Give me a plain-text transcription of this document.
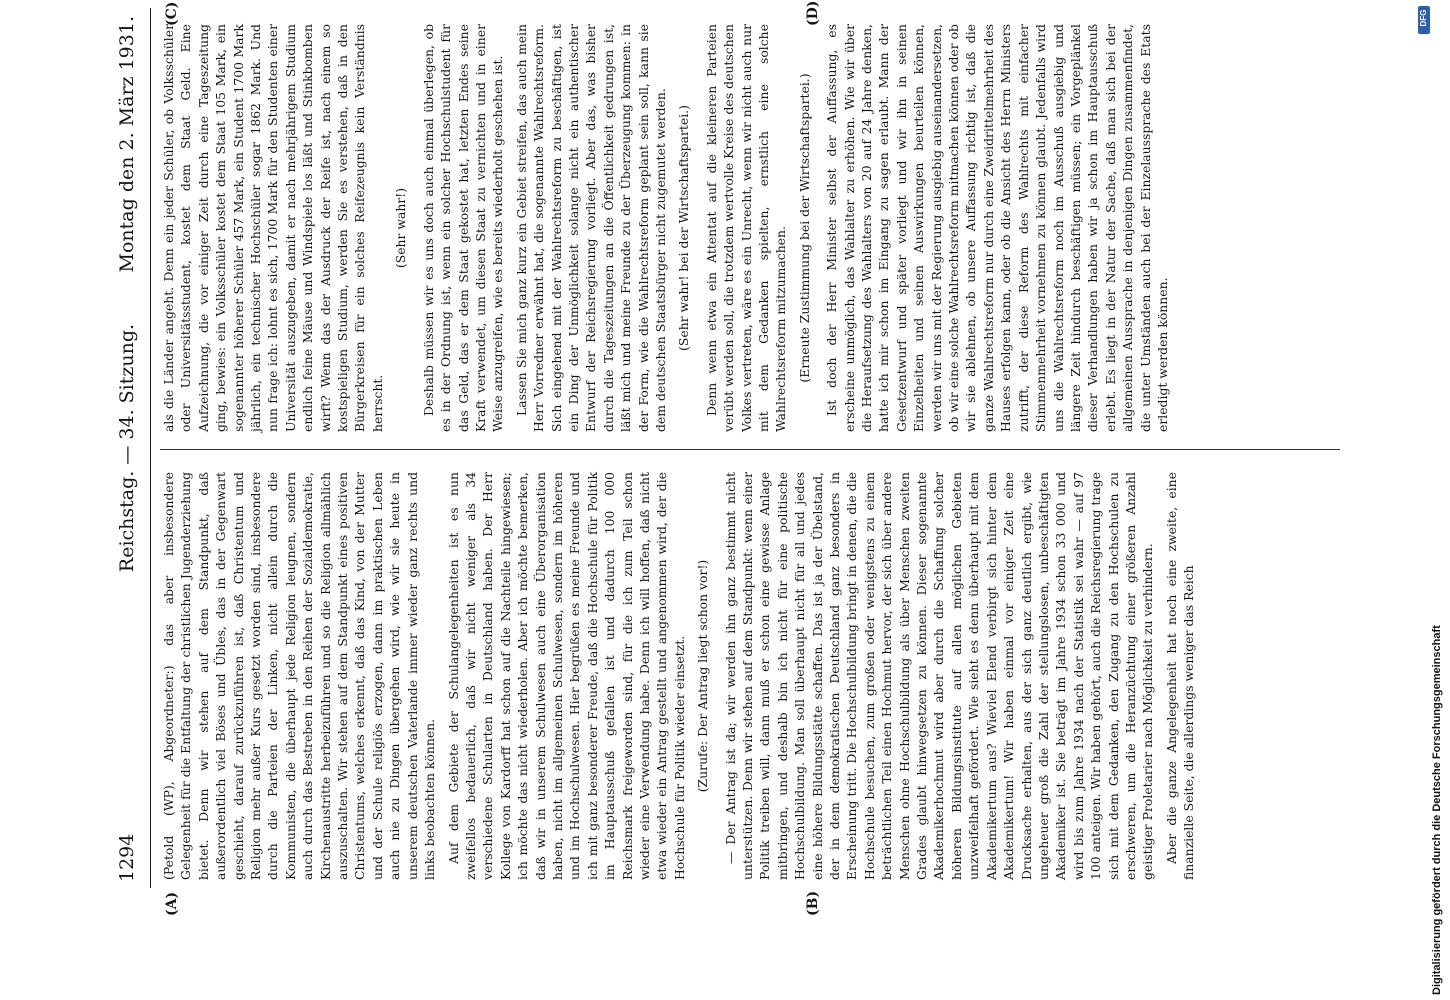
1294
Reichstag. — 34. Sitzung.
Montag den 2. März 1931.
(A)	(B)
(C)	(D)

(Petold (WP), Abgeordneter:) das aber insbesondere Gelegenheit für die Entfaltung der christlichen Jugenderziehung bietet. Denn wir stehen auf dem Standpunkt, daß außerordentlich viel Böses und Übles, das in der Gegenwart geschieht, darauf zurückzuführen ist, daß Christentum und Religion mehr außer Kurs gesetzt worden sind, insbesondere durch die Parteien der Linken, nicht allein durch die Kommunisten, die überhaupt jede Religion leugnen, sondern auch durch das Bestreben in den Reihen der Sozialdemokratie, Kirchenaustritte herbeizuführen und so die Religion allmählich auszuschalten. Wir stehen auf dem Standpunkt eines positiven Christentums, welches erkennt, daß das Kind, von der Mutter und der Schule religiös erzogen, dann im praktischen Leben auch nie zu Dingen übergehen wird, wie wir sie heute in unserem deutschen Vaterlande immer wieder ganz rechts und links beobachten können. Auf dem Gebiete der Schulangelegenheiten ist es nun zweifellos bedauerlich, daß wir nicht weniger als 34 verschiedene Schularten in Deutschland haben. Der Herr Kollege von Kardorff hat schon auf die Nachteile hingewiesen; ich möchte das nicht wiederholen. Aber ich möchte bemerken, daß wir in unserem Schulwesen auch eine Überorganisation haben, nicht im allgemeinen Schulwesen, sondern im höheren und im Hochschulwesen. Hier begrüßen es meine Freunde und ich mit ganz besonderer Freude, daß die Hochschule für Politik im Hauptausschuß gefallen ist und dadurch 100 000 Reichsmark freigeworden sind, für die ich zum Teil schon wieder eine Verwendung habe. Denn ich will hoffen, daß nicht etwa wieder ein Antrag gestellt und angenommen wird, der die Hochschule für Politik wieder einsetzt. (Zurufe: Der Antrag liegt schon vor!) — Der Antrag ist da; wir werden ihn ganz bestimmt nicht unterstützen. Denn wir stehen auf dem Standpunkt: wenn einer Politik treiben will, dann muß er schon eine gewisse Anlage mitbringen, und deshalb bin ich nicht für eine politische Hochschulbildung. Man soll überhaupt nicht für all und jedes eine höhere Bildungsstätte schaffen. Das ist ja der Übelstand, der in dem demokratischen Deutschland ganz besonders in Erscheinung tritt. Die Hochschulbildung bringt in denen, die die Hochschule besuchen, zum großen oder wenigstens zu einem beträchtlichen Teil einen Hochmut hervor, der sich über andere Menschen ohne Hochschulbildung als über Menschen zweiten Grades glaubt hinwegsetzen zu können. Dieser sogenannte Akademikerhochmut wird aber durch die Schaffung solcher höheren Bildungsinstitute auf allen möglichen Gebieten unzweifelhaft gefördert. Wie sieht es denn überhaupt mit dem Akademikertum aus? Wieviel Elend verbirgt sich hinter dem Akademikertum! Wir haben einmal vor einiger Zeit eine Drucksache erhalten, aus der sich ganz deutlich ergibt, wie ungeheuer groß die Zahl der stellungslosen, unbeschäftigten Akademiker ist. Sie beträgt im Jahre 1934 schon 33 000 und wird bis zum Jahre 1934 nach der Statistik sei wahr — auf 97 100 anteigen. Wir haben gehört, auch die Reichsregierung trage sich mit dem Gedanken, den Zugang zu den Hochschulen zu erschweren, um die Heranzüchtung einer größeren Anzahl geistiger Proletarier nach Möglichkeit zu verhindern. Aber die ganze Angelegenheit hat noch eine zweite, eine finanzielle Seite, die allerdings weniger das Reich

als die Länder angeht. Denn ein jeder Schüler, ob Volksschüler oder Universitätsstudent, kostet dem Staat Geld. Eine Aufzeichnung, die vor einiger Zeit durch eine Tageszeitung ging, bewies: ein Volksschüler kostet dem Staat 105 Mark, ein sogenannter höherer Schüler 457 Mark, ein Student 1700 Mark jährlich, ein technischer Hochschüler sogar 1862 Mark. Und nun frage ich: lohnt es sich, 1700 Mark für den Studenten einer Universität auszugeben, damit er nach mehrjährigem Studium endlich feine Mäuse und Windspiele los läßt und Stinkbomben wirft? Wenn das der Ausdruck der Reife ist, nach einem so kostspieligen Studium, werden Sie es verstehen, daß in den Bürgerkreisen für ein solches Reifezeugnis kein Verständnis herrscht.

(Sehr wahr!) Deshalb müssen wir es uns doch auch einmal überlegen, ob es in der Ordnung ist, wenn ein solcher Hochschulstudent für das Geld, das er dem Staat gekostet hat, letzten Endes seine Kraft verwendet, um diesen Staat zu vernichten und in einer Weise anzugreifen, wie es bereits wiederholt geschehen ist. Lassen Sie mich ganz kurz ein Gebiet streifen, das auch mein Herr Vorredner erwähnt hat, die sogenannte Wahlrechtsreform. Sich eingehend mit der Wahlrechtsreform zu beschäftigen, ist ein Ding der Unmöglichkeit solange nicht ein authentischer Entwurf der Reichsregierung vorliegt. Aber das, was bisher durch die Tageszeitungen an die Öffentlichkeit gedrungen ist, läßt mich und meine Freunde zu der Überzeugung kommen: in der Form, wie die Wahlrechtsreform geplant sein soll, kann sie dem deutschen Staatsbürger nicht zugemutet werden. (Sehr wahr! bei der Wirtschaftspartei.) Denn wenn etwa ein Attentat auf die kleineren Parteien verübt werden soll, die trotzdem wertvolle Kreise des deutschen Volkes vertreten, wäre es ein Unrecht, wenn wir nicht auch nur mit dem Gedanken spielten, ernstlich eine solche Wahlrechtsreform mitzumachen. (Erneute Zustimmung bei der Wirtschaftspartei.) Ist doch der Herr Minister selbst der Auffassung, es erscheine unmöglich, das Wahlalter zu erhöhen. Wie wir über die Heraufsetzung des Wahlalters von 20 auf 24 Jahre denken, hatte ich mir schon im Eingang zu sagen erlaubt. Mann der Gesetzentwurf und später vorliegt und wir ihn in seinen Einzelheiten und seinen Auswirkungen beurteilen können, werden wir uns mit der Regierung ausgiebig auseinandersetzen, ob wir eine solche Wahlrechtsreform mitmachen können oder ob wir sie ablehnen, ob unsere Auffassung richtig ist, daß die ganze Wahlrechtsreform nur durch eine Zweidrittelmehrheit des Hauses erfolgen kann, oder ob die Ansicht des Herrn Ministers zutrifft, der diese Reform des Wahlrechts mit einfacher Stimmenmehrheit vornehmen zu können glaubt. Jedenfalls wird uns die Wahlrechtsreform noch im Ausschuß ausgiebig und längere Zeit hindurch beschäftigen müssen; ein Vorgeplänkel dieser Verhandlungen haben wir ja schon im Hauptausschuß erlebt. Es liegt in der Natur der Sache, daß man sich bei der allgemeinen Aussprache in denjenigen Dingen zusammenfindet, die unter Umständen auch bei der Einzelaussprache des Etats erledigt werden können.

Digitalisierung gefördert durch die Deutsche Forschungsgemeinschaft
DFG
